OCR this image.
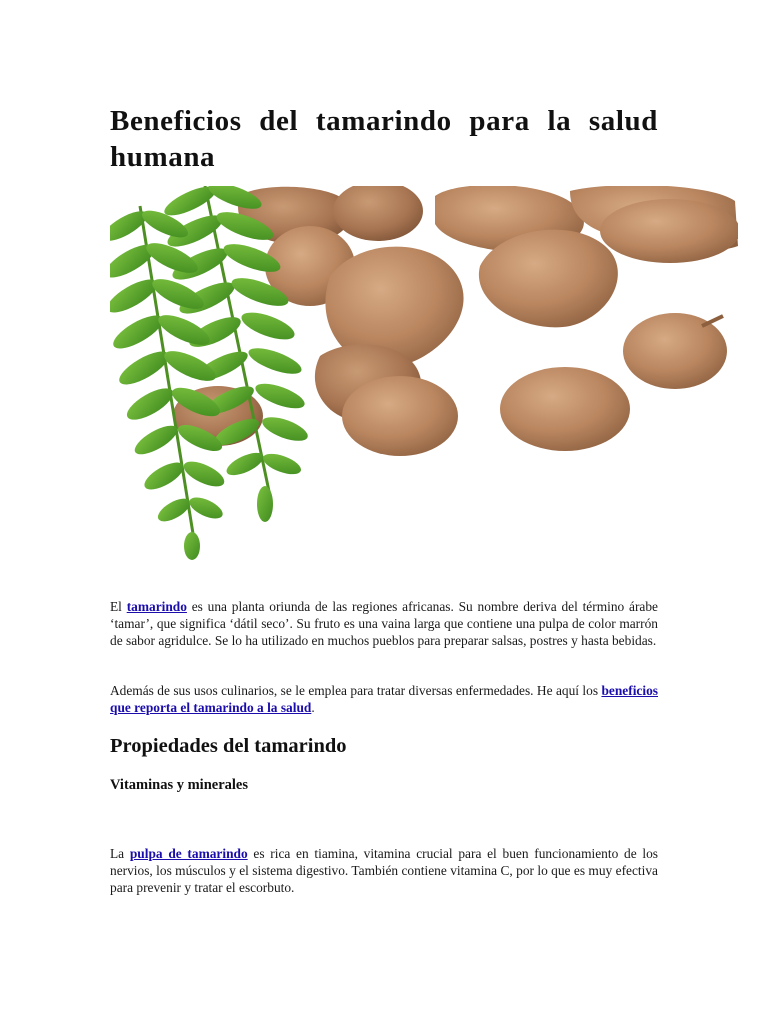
Beneficios del tamarindo para la salud humana

El tamarindo es una planta oriunda de las regiones africanas. Su nombre deriva del término árabe ‘tamar’, que significa ‘dátil seco’. Su fruto es una vaina larga que contiene una pulpa de color marrón de sabor agridulce. Se lo ha utilizado en muchos pueblos para preparar salsas, postres y hasta bebidas.

Además de sus usos culinarios, se le emplea para tratar diversas enfermedades. He aquí los beneficios que reporta el tamarindo a la salud.

Propiedades del tamarindo
Vitaminas y minerales

La pulpa de tamarindo es rica en tiamina, vitamina crucial para el buen funcionamiento de los nervios, los músculos y el sistema digestivo. También contiene vitamina C, por lo que es muy efectiva para prevenir y tratar el escorbuto.
